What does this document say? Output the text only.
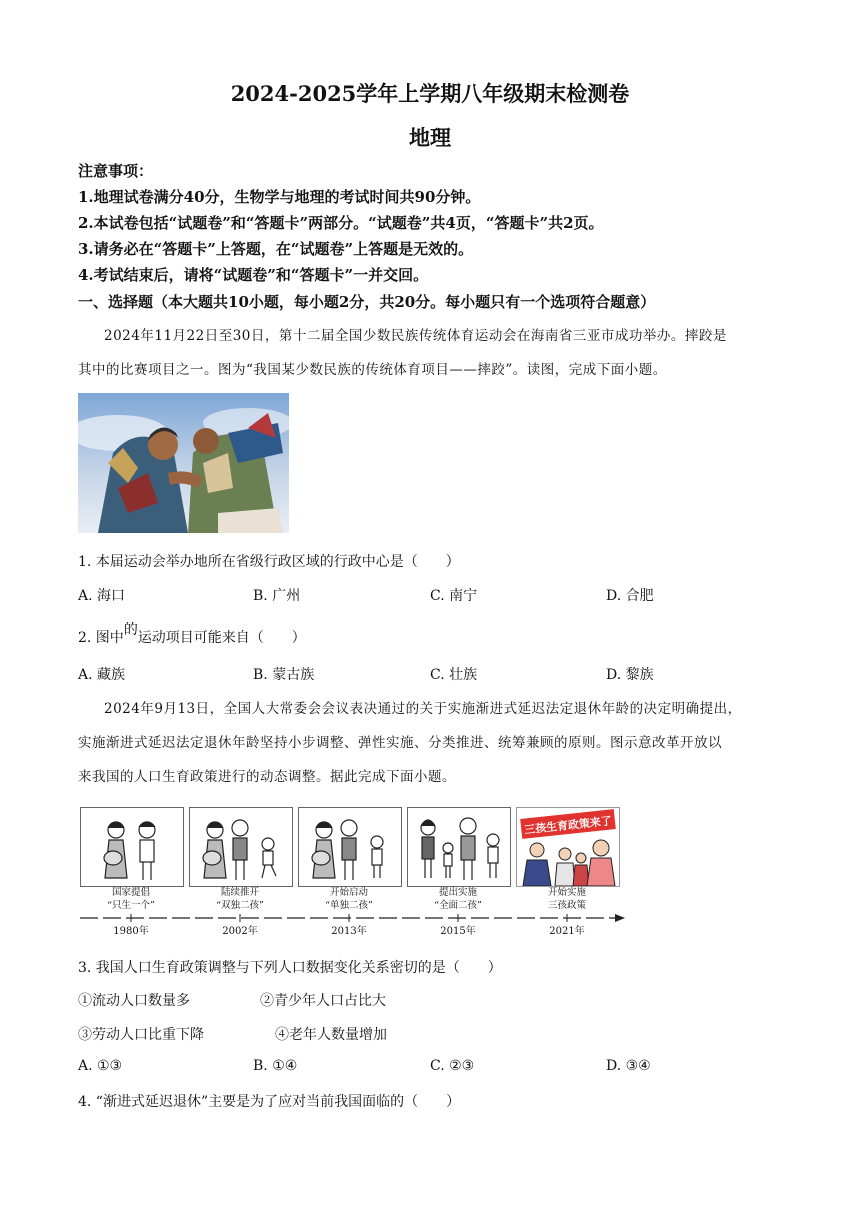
2024-2025学年上学期八年级期末检测卷
地理
注意事项：
1.地理试卷满分40分，生物学与地理的考试时间共90分钟。
2.本试卷包括“试题卷”和“答题卡”两部分。“试题卷”共4页，“答题卡”共2页。
3.请务必在“答题卡”上答题，在“试题卷”上答题是无效的。
4.考试结束后，请将“试题卷”和“答题卡”一并交回。
一、选择题（本大题共10小题，每小题2分，共20分。每小题只有一个选项符合题意）
2024年11月22日至30日，第十二届全国少数民族传统体育运动会在海南省三亚市成功举办。摔跤是
其中的比赛项目之一。图为“我国某少数民族的传统体育项目——摔跤”。读图，完成下面小题。
1. 本届运动会举办地所在省级行政区域的行政中心是（　　）
A. 海口	B. 广州	C. 南宁	D. 合肥
2. 图中的运动项目可能来自（　　）
A. 藏族	B. 蒙古族	C. 壮族	D. 黎族
2024年9月13日，全国人大常委会会议表决通过的关于实施渐进式延迟法定退休年龄的决定明确提出，
实施渐进式延迟法定退休年龄坚持小步调整、弹性实施、分类推进、统筹兼顾的原则。图示意改革开放以
来我国的人口生育政策进行的动态调整。据此完成下面小题。
三孩生育政策来了
国家提倡
“只生一个”
陆续推开
“双独二孩”
开始启动
“单独二孩”
提出实施
“全面二孩”
开始实施
三孩政策
1980年	2002年	2013年	2015年	2021年
3. 我国人口生育政策调整与下列人口数据变化关系密切的是（　　）
①流动人口数量多	②青少年人口占比大
③劳动人口比重下降	④老年人数量增加
A. ①③	B. ①④	C. ②③	D. ③④
4. “渐进式延迟退休”主要是为了应对当前我国面临的（　　）
